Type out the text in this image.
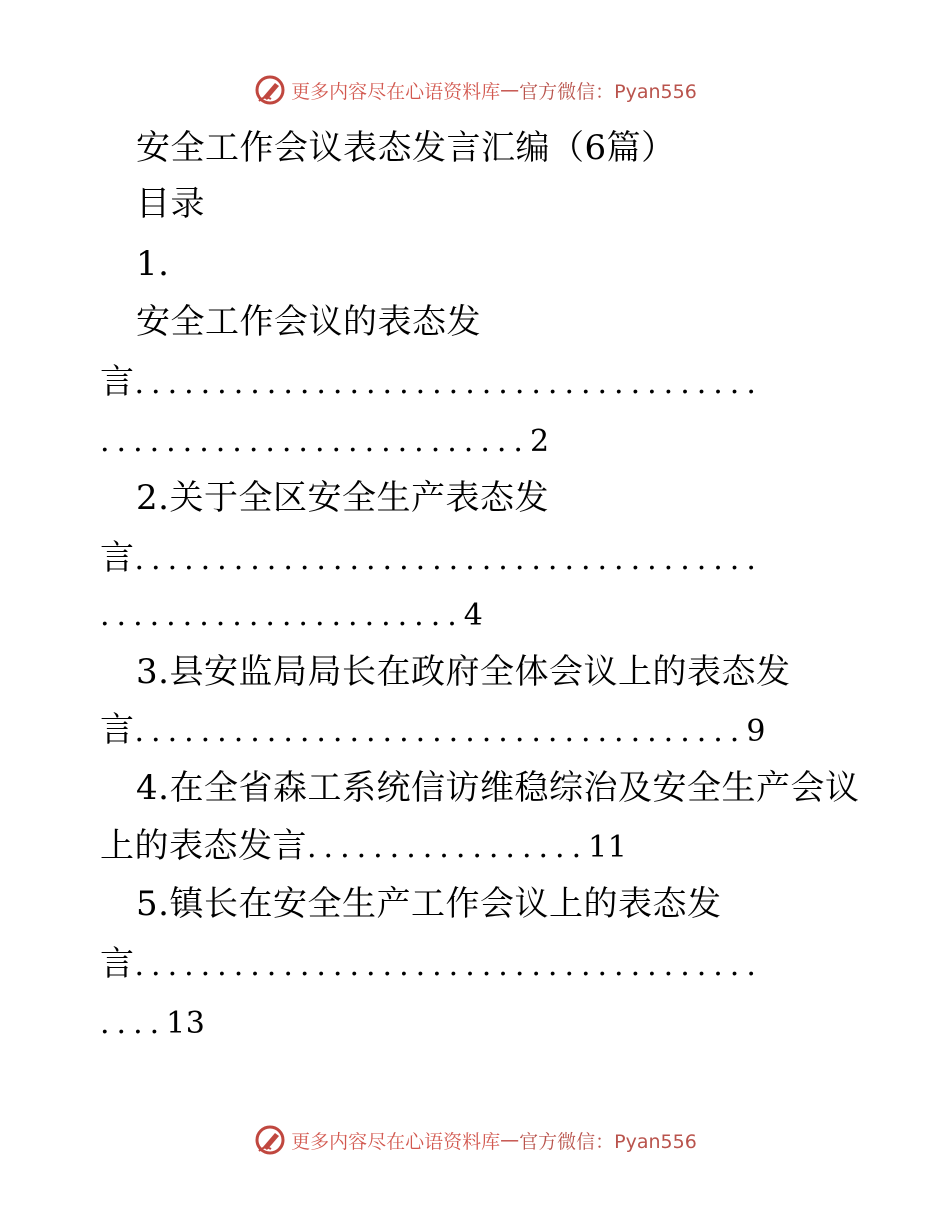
更多内容尽在心语资料库 — 官方微信：Pyan556
安全工作会议表态发言汇编（6篇）
目录
1.
安全工作会议的表态发
言......................................
..........................2
2.关于全区安全生产表态发
言......................................
......................4
3.县安监局局长在政府全体会议上的表态发
言.....................................9
4.在全省森工系统信访维稳综治及安全生产会议
上的表态发言.................11
5.镇长在安全生产工作会议上的表态发
言......................................
....13
更多内容尽在心语资料库 — 官方微信：Pyan556
